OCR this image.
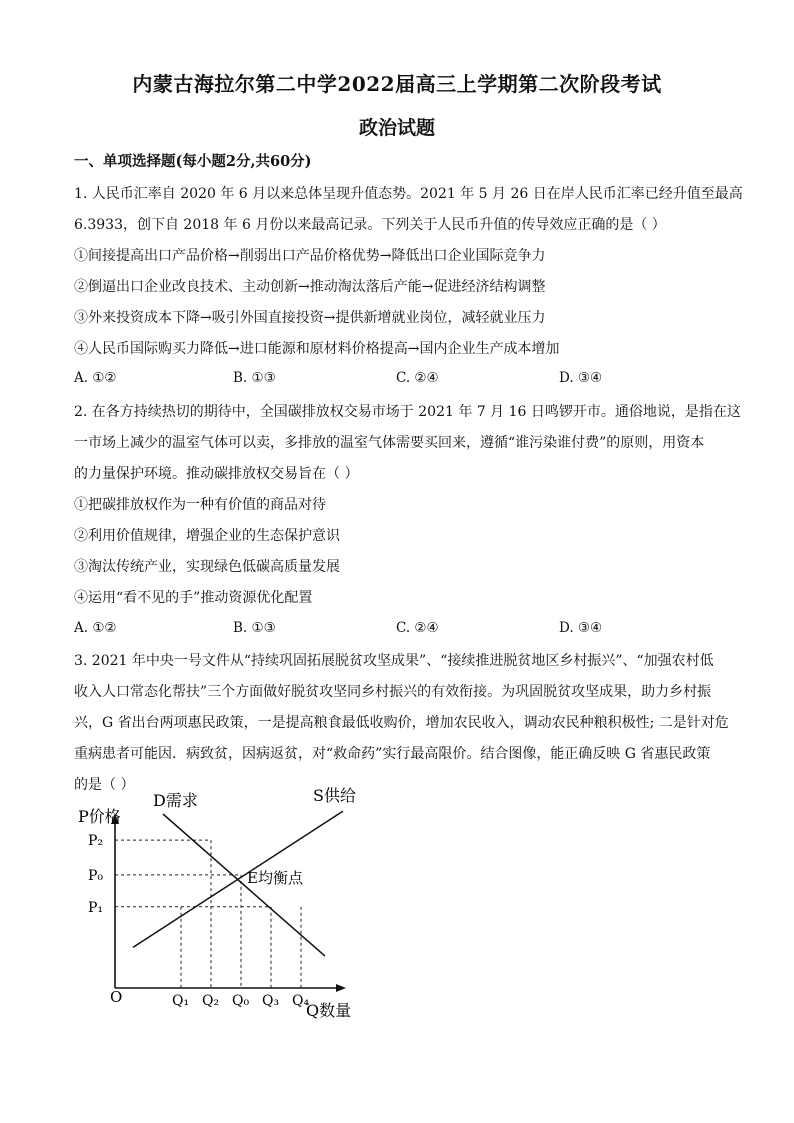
内蒙古海拉尔第二中学2022届高三上学期第二次阶段考试
政治试题
一、单项选择题(每小题2分,共60分)
1. 人民币汇率自 2020 年 6 月以来总体呈现升值态势。2021 年 5 月 26 日在岸人民币汇率已经升值至最高
6.3933，创下自 2018 年 6 月份以来最高记录。下列关于人民币升值的传导效应正确的是（ ）
①间接提高出口产品价格→削弱出口产品价格优势→降低出口企业国际竞争力
②倒逼出口企业改良技术、主动创新→推动淘汰落后产能→促进经济结构调整
③外来投资成本下降→吸引外国直接投资→提供新增就业岗位，减轻就业压力
④人民币国际购买力降低→进口能源和原材料价格提高→国内企业生产成本增加
A. ①②	B. ①③	C. ②④	D. ③④
2. 在各方持续热切的期待中，全国碳排放权交易市场于 2021 年 7 月 16 日鸣锣开市。通俗地说，是指在这
一市场上减少的温室气体可以卖，多排放的温室气体需要买回来，遵循“谁污染谁付费”的原则，用资本
的力量保护环境。推动碳排放权交易旨在（ ）
①把碳排放权作为一种有价值的商品对待
②利用价值规律，增强企业的生态保护意识
③淘汰传统产业，实现绿色低碳高质量发展
④运用“看不见的手”推动资源优化配置
A. ①②	B. ①③	C. ②④	D. ③④
3. 2021 年中央一号文件从“持续巩固拓展脱贫攻坚成果”、“接续推进脱贫地区乡村振兴”、“加强农村低
收入人口常态化帮扶”三个方面做好脱贫攻坚同乡村振兴的有效衔接。为巩固脱贫攻坚成果，助力乡村振
兴，G 省出台两项惠民政策，一是提高粮食最低收购价，增加农民收入，调动农民种粮积极性; 二是针对危
重病患者可能因．病致贫，因病返贫，对“救命药”实行最高限价。结合图像，能正确反映 G 省惠民政策
的是（ ）
P价格
Q数量
O
P₂
P₀
P₁
Q₁ Q₂ Q₀ Q₃ Q₄
D需求	S供给
E均衡点
